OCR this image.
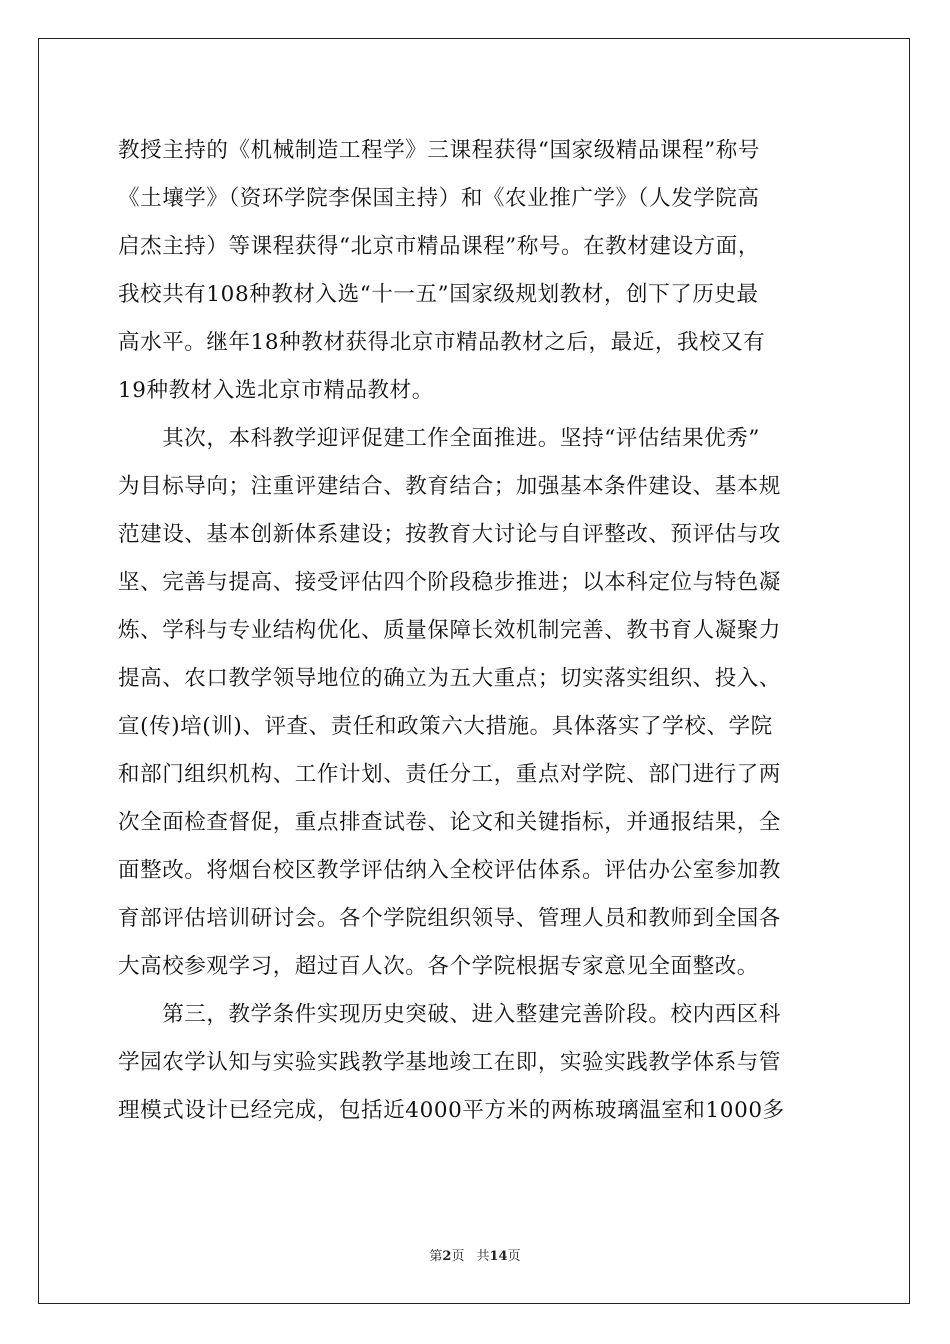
教授主持的《机械制造工程学》三课程获得“国家级精品课程”称号
《土壤学》（资环学院李保国主持）和《农业推广学》（人发学院高
启杰主持）等课程获得“北京市精品课程”称号。在教材建设方面，
我校共有108种教材入选“十一五”国家级规划教材，创下了历史最
高水平。继年18种教材获得北京市精品教材之后，最近，我校又有
19种教材入选北京市精品教材。
　　其次，本科教学迎评促建工作全面推进。坚持“评估结果优秀”
为目标导向；注重评建结合、教育结合；加强基本条件建设、基本规
范建设、基本创新体系建设；按教育大讨论与自评整改、预评估与攻
坚、完善与提高、接受评估四个阶段稳步推进；以本科定位与特色凝
炼、学科与专业结构优化、质量保障长效机制完善、教书育人凝聚力
提高、农口教学领导地位的确立为五大重点；切实落实组织、投入、
宣(传)培(训)、评查、责任和政策六大措施。具体落实了学校、学院
和部门组织机构、工作计划、责任分工，重点对学院、部门进行了两
次全面检查督促，重点排查试卷、论文和关键指标，并通报结果，全
面整改。将烟台校区教学评估纳入全校评估体系。评估办公室参加教
育部评估培训研讨会。各个学院组织领导、管理人员和教师到全国各
大高校参观学习，超过百人次。各个学院根据专家意见全面整改。
　　第三，教学条件实现历史突破、进入整建完善阶段。校内西区科
学园农学认知与实验实践教学基地竣工在即，实验实践教学体系与管
理模式设计已经完成，包括近4000平方米的两栋玻璃温室和1000多
第2页 共14页
